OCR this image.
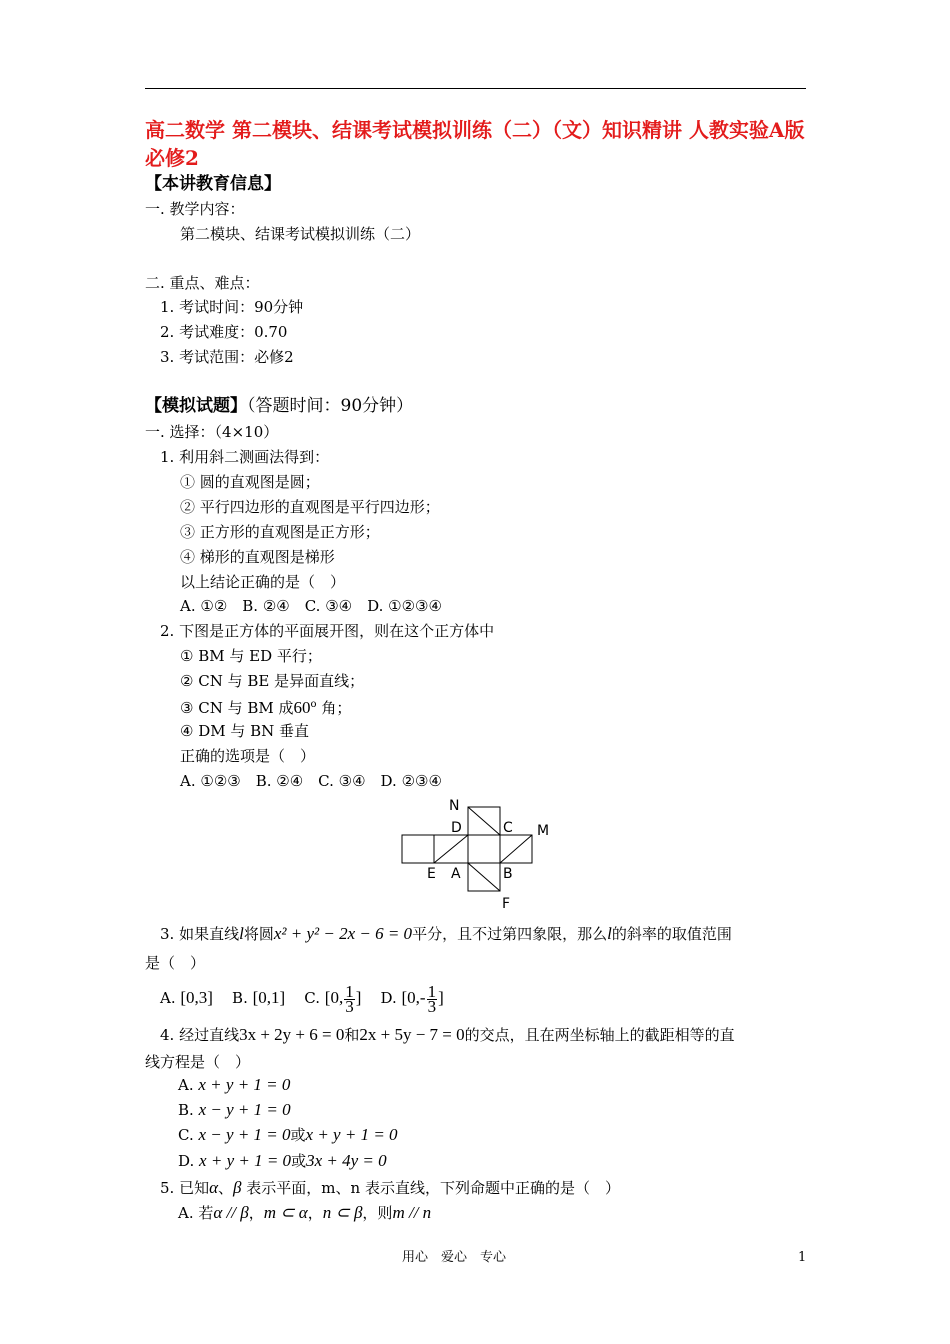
高二数学 第二模块、结课考试模拟训练（二）（文）知识精讲 人教实验A版必修2
【本讲教育信息】
一. 教学内容：
第二模块、结课考试模拟训练（二）
二. 重点、难点：
1. 考试时间：90分钟
2. 考试难度：0.70
3. 考试范围：必修2
【模拟试题】（答题时间：90分钟）
一. 选择：（4×10）
1. 利用斜二测画法得到：
① 圆的直观图是圆；
② 平行四边形的直观图是平行四边形；
③ 正方形的直观图是正方形；
④ 梯形的直观图是梯形
以上结论正确的是（　）
A. ①②　B. ②④　C. ③④　D. ①②③④
2. 下图是正方体的平面展开图，则在这个正方体中
① BM 与 ED 平行；
② CN 与 BE 是异面直线；
③ CN 与 BM 成60$^o$ 角；
④ DM 与 BN 垂直
正确的选项是（　）
A. ①②③　B. ②④　C. ③④　D. ②③④
N
D	C M
E A	B
F
3. 如果直线l将圆x² + y² − 2x − 6 = 0平分，且不过第四象限，那么l的斜率的取值范围
是（　）
A. [0,3] B. [0,1] C. [0, $\frac{1}{3}$ ] D. [$0,- \frac{1}{3}$ ]
4. 经过直线3x + 2y + 6 = 0和2x + 5y − 7 = 0的交点，且在两坐标轴上的截距相等的直
线方程是（　）
A. x + y + 1 = 0
B. x − y + 1 = 0
C. x − y + 1 = 0或x + y + 1 = 0
D. x + y + 1 = 0或3x + 4y = 0
5. 已知α、β 表示平面，m、n 表示直线，下列命题中正确的是（　）
A. 若α // β，m ⊂ α，n ⊂ β，则m // n
用心　爱心　专心	1
